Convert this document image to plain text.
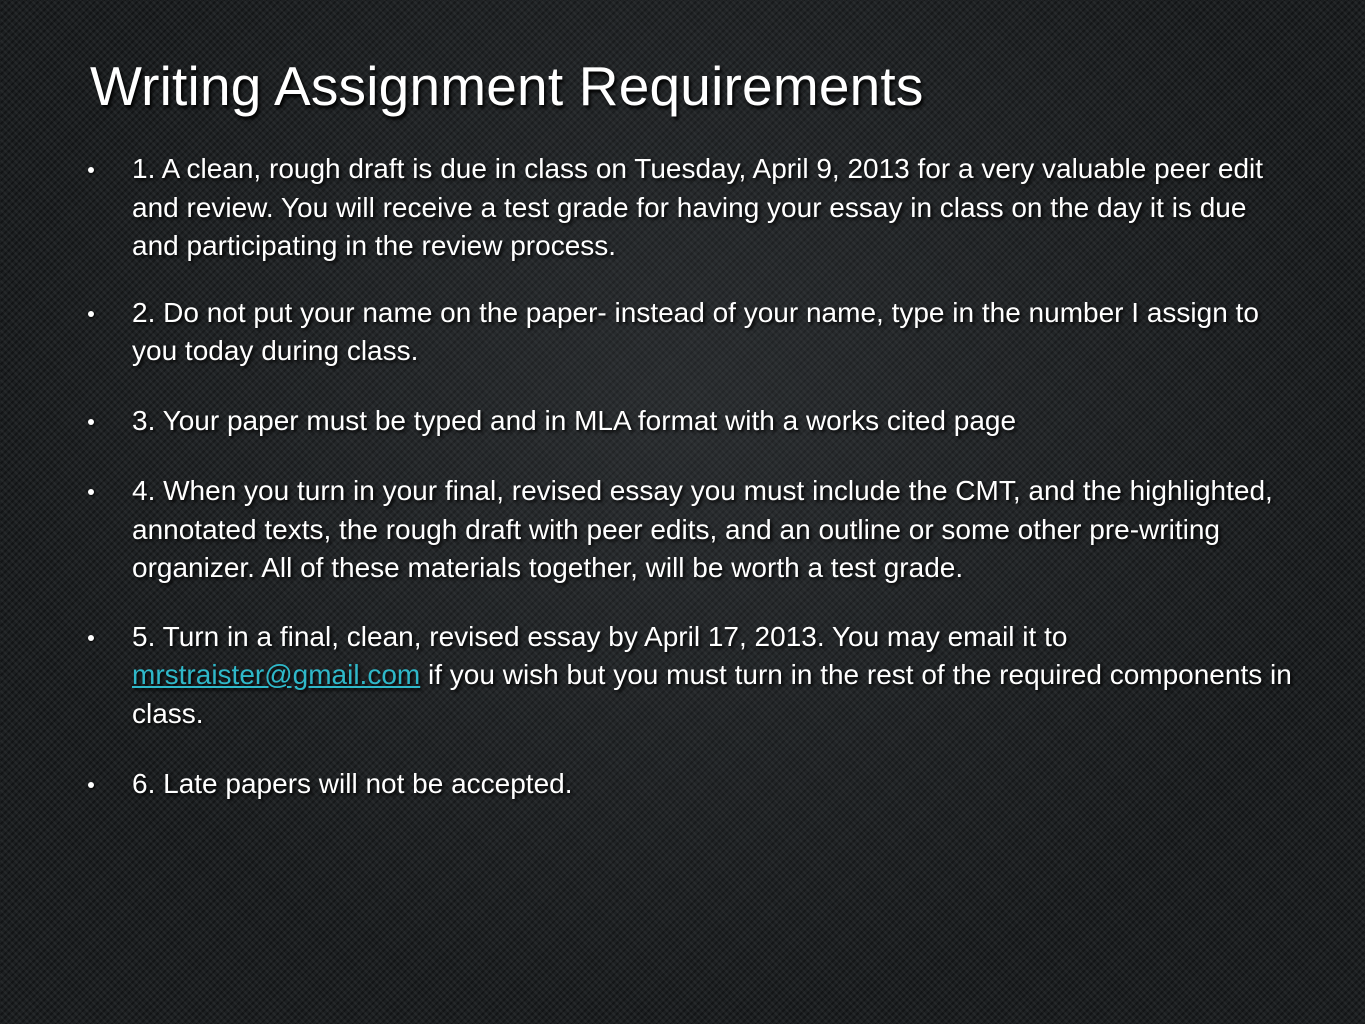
Writing Assignment Requirements
1. A clean, rough draft is due in class on Tuesday, April 9, 2013 for a very valuable peer edit and review. You will receive a test grade for having your essay in class on the day it is due and participating in the review process.
2. Do not put your name on the paper- instead of your name, type in the number I assign to you today during class.
3. Your paper must be typed and in MLA format with a works cited page
4. When you turn in your final, revised essay you must include the CMT, and the highlighted, annotated texts, the rough draft with peer edits, and an outline or some other pre-writing organizer. All of these materials together, will be worth a test grade.
5. Turn in a final, clean, revised essay by April 17, 2013. You may email it to mrstraister@gmail.com if you wish but you must turn in the rest of the required components in class.
6. Late papers will not be accepted.
